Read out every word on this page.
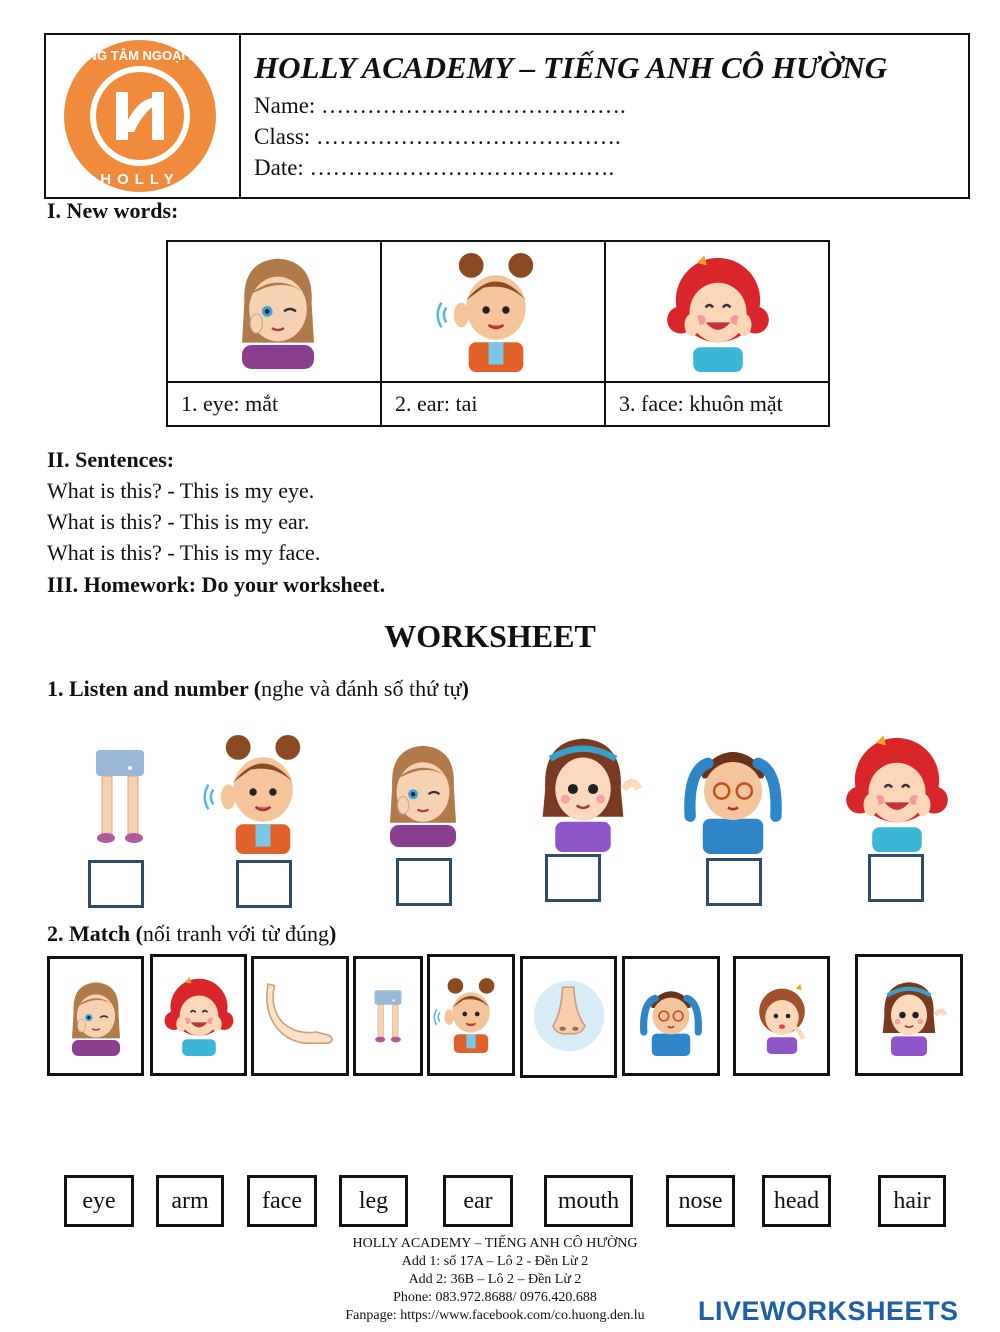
TRUNG TÂM NGOẠI NGỮ
HOLLY
HOLLY ACADEMY – TIẾNG ANH CÔ HƯỜNG
Name: ………………………………….
Class: ………………………………….
Date: ………………………………….
I. New words:

1. eye: mắt	2. ear: tai	3. face: khuôn mặt
II. Sentences:
What is this? - This is my eye.
What is this? - This is my ear.
What is this? - This is my face.
III. Homework: Do your worksheet.
WORKSHEET
1. Listen and number (nghe và đánh số thứ tự)
2. Match (nối tranh với từ đúng)
eye	arm	face	leg	ear	mouth	nose	head	hair
HOLLY ACADEMY – TIẾNG ANH CÔ HƯỜNG
Add 1: số 17A – Lô 2 - Đền Lừ 2
Add 2: 36B – Lô 2 – Đền Lừ 2
Phone: 083.972.8688/ 0976.420.688
Fanpage: https://www.facebook.com/co.huong.den.lu	LIVEWORKSHEETS
